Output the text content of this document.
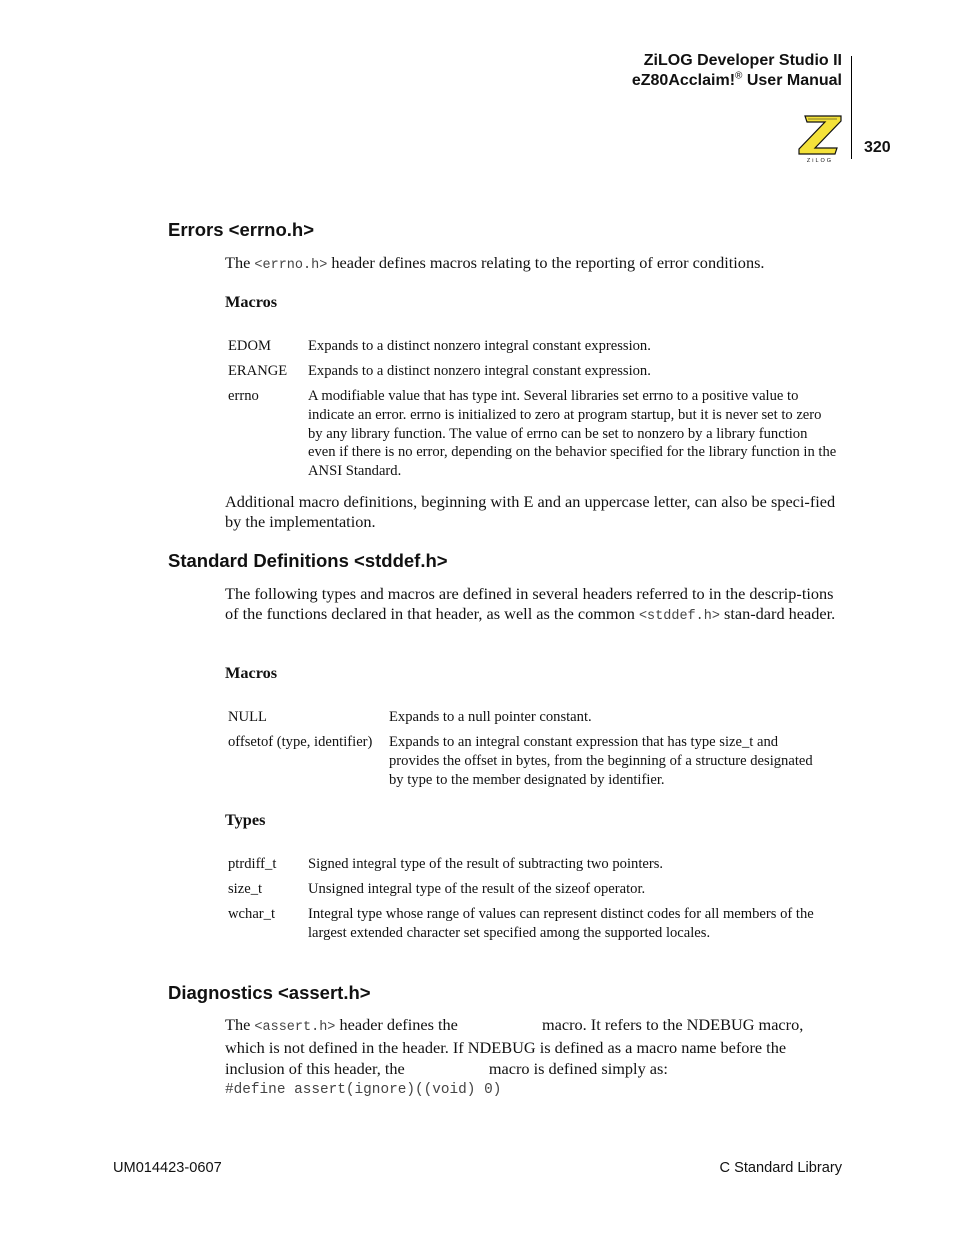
ZiLOG Developer Studio II
eZ80Acclaim!® User Manual
ZiLOG
320
Errors <errno.h>
The <errno.h> header defines macros relating to the reporting of error conditions.
Macros
EDOM	Expands to a distinct nonzero integral constant expression.
ERANGE Expands to a distinct nonzero integral constant expression.
errno	A modifiable value that has type int. Several libraries set errno to a positive value to indicate an error. errno is initialized to zero at program startup, but it is never set to zero by any library function. The value of errno can be set to nonzero by a library function even if there is no error, depending on the behavior specified for the library function in the ANSI Standard.
Additional macro definitions, beginning with E and an uppercase letter, can also be speci-fied by the implementation.
Standard Definitions <stddef.h>
The following types and macros are defined in several headers referred to in the descrip-tions of the functions declared in that header, as well as the common <stddef.h> stan-dard header.
Macros
NULL	Expands to a null pointer constant.
offsetof (type, identifier) Expands to an integral constant expression that has type size_t and provides the offset in bytes, from the beginning of a structure designated by type to the member designated by identifier.
Types
ptrdiff_t Signed integral type of the result of subtracting two pointers.
size_t	Unsigned integral type of the result of the sizeof operator.
wchar_t Integral type whose range of values can represent distinct codes for all members of the largest extended character set specified among the supported locales.
Diagnostics <assert.h>
The <assert.h> header defines the	macro. It refers to the NDEBUG macro, which is not defined in the header. If NDEBUG is defined as a macro name before the inclusion of this header, the	macro is defined simply as:
#define assert(ignore)((void) 0)
UM014423-0607	C Standard Library
